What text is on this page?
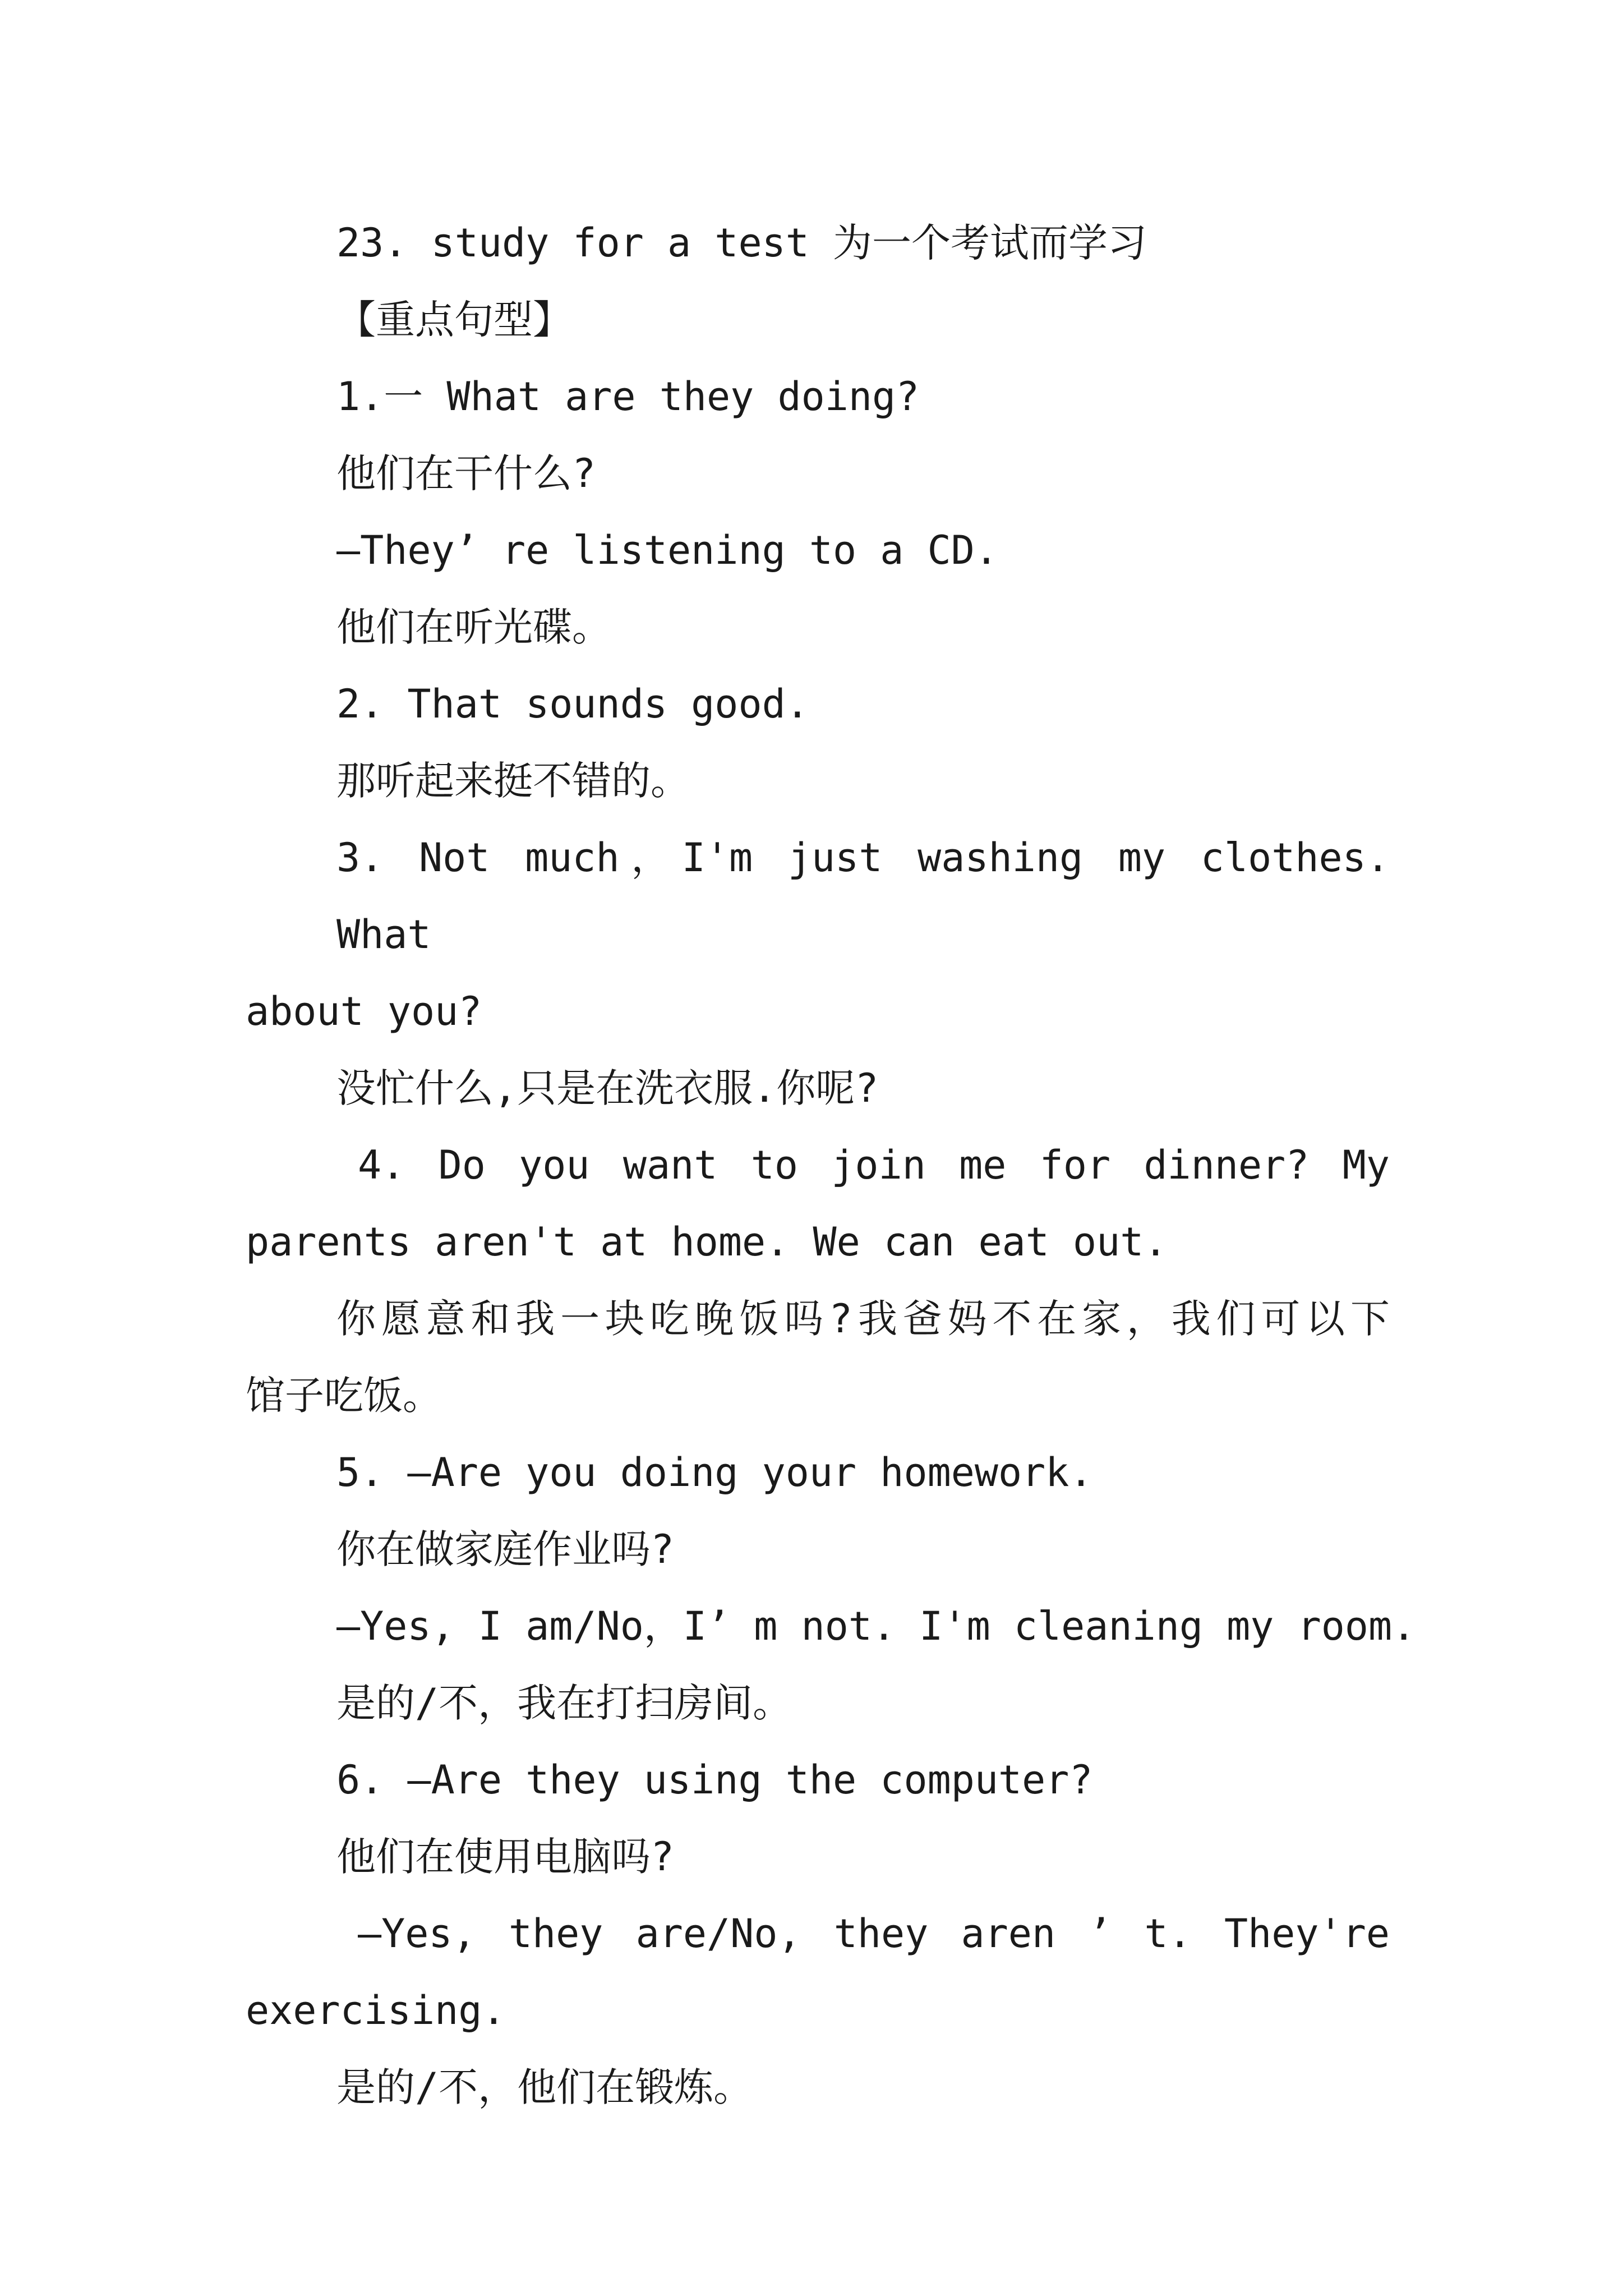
23. study for a test 为一个考试而学习

【重点句型】

1.一 What are they doing?

他们在干什么?

—They’ re listening to a CD.

他们在听光碟。

2. That sounds good.

那听起来挺不错的。

3. Not much，I'm just washing my clothes. What
about you?

没忙什么,只是在洗衣服.你呢?

4. Do you want to join me for dinner? My
parents aren't at home. We can eat out.
你愿意和我一块吃晚饭吗?我爸妈不在家，我们可以下
馆子吃饭。

5. —Are you doing your homework.

你在做家庭作业吗?

—Yes, I am/No，I’ m not. I'm cleaning my room.

是的/不，我在打扫房间。

6. —Are they using the computer?

他们在使用电脑吗?

—Yes, they are/No, they aren ’ t. They're
exercising.

是的/不，他们在锻炼。
